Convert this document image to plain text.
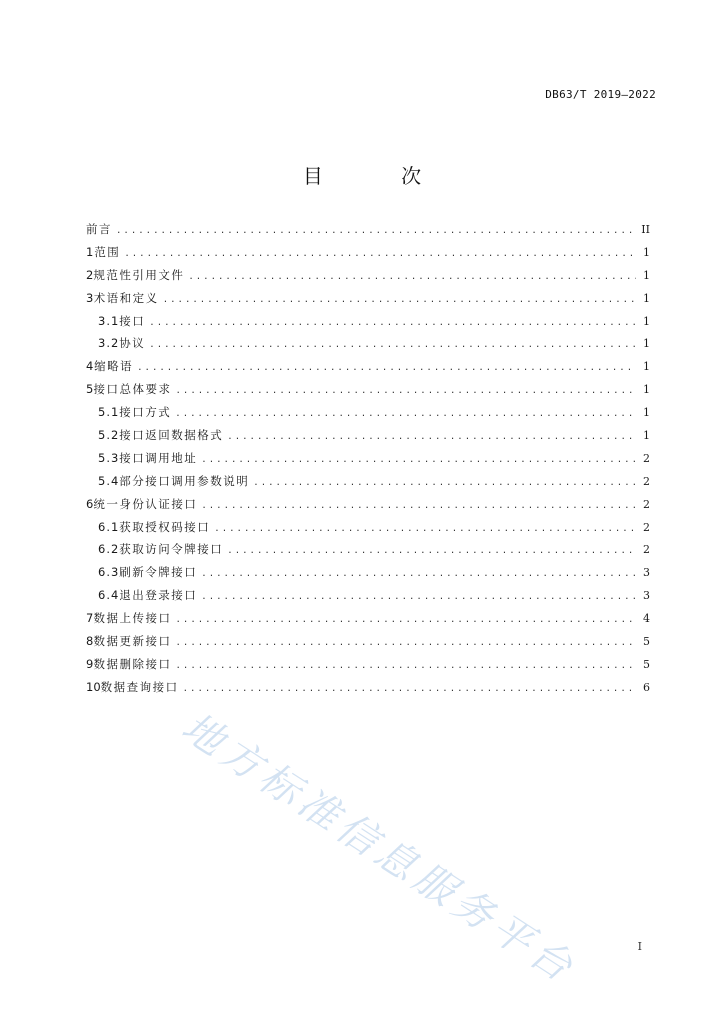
DB63/T 2019—2022
目 次
前言 .....	II
1 范围 .....	1
2 规范性引用文件 .....	1
3 术语和定义 .....	1
3.1 接口 .....	1
3.2 协议 .....	1
4 缩略语 .....	1
5 接口总体要求 .....	1
5.1 接口方式 .....	1
5.2 接口返回数据格式 .....	1
5.3 接口调用地址 .....	2
5.4 部分接口调用参数说明 .....	2
6 统一身份认证接口 .....	2
6.1 获取授权码接口 .....	2
6.2 获取访问令牌接口 .....	2
6.3 刷新令牌接口 .....	3
6.4 退出登录接口 .....	3
7 数据上传接口 .....	4
8 数据更新接口 .....	5
9 数据删除接口 .....	5
10 数据查询接口 .....	6
地方标准信息服务平台	I
